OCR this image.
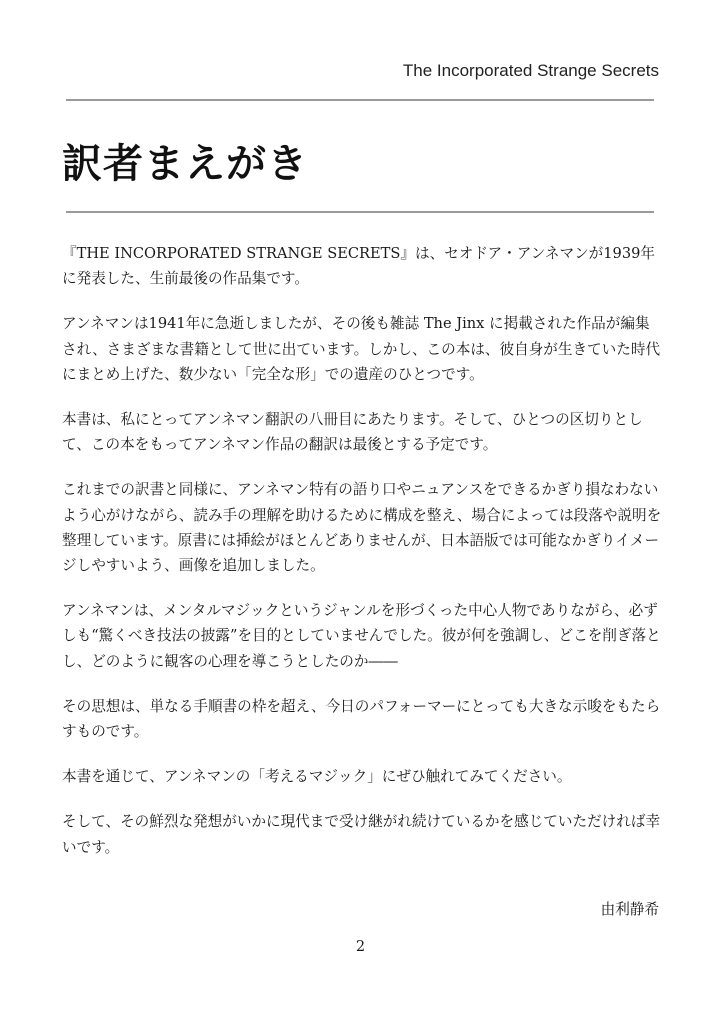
The Incorporated Strange Secrets
訳者まえがき

『THE INCORPORATED STRANGE SECRETS』は、セオドア・アンネマンが1939年に発表した、生前最後の作品集です。

アンネマンは1941年に急逝しましたが、その後も雑誌 The Jinx に掲載された作品が編集され、さまざまな書籍として世に出ています。しかし、この本は、彼自身が生きていた時代にまとめ上げた、数少ない「完全な形」での遺産のひとつです。

本書は、私にとってアンネマン翻訳の八冊目にあたります。そして、ひとつの区切りとして、この本をもってアンネマン作品の翻訳は最後とする予定です。

これまでの訳書と同様に、アンネマン特有の語り口やニュアンスをできるかぎり損なわないよう心がけながら、読み手の理解を助けるために構成を整え、場合によっては段落や説明を整理しています。原書には挿絵がほとんどありませんが、日本語版では可能なかぎりイメージしやすいよう、画像を追加しました。

アンネマンは、メンタルマジックというジャンルを形づくった中心人物でありながら、必ずしも“驚くべき技法の披露”を目的としていませんでした。彼が何を強調し、どこを削ぎ落とし、どのように観客の心理を導こうとしたのか――

その思想は、単なる手順書の枠を超え、今日のパフォーマーにとっても大きな示唆をもたらすものです。

本書を通じて、アンネマンの「考えるマジック」にぜひ触れてみてください。

そして、その鮮烈な発想がいかに現代まで受け継がれ続けているかを感じていただければ幸いです。

由利静希
2
